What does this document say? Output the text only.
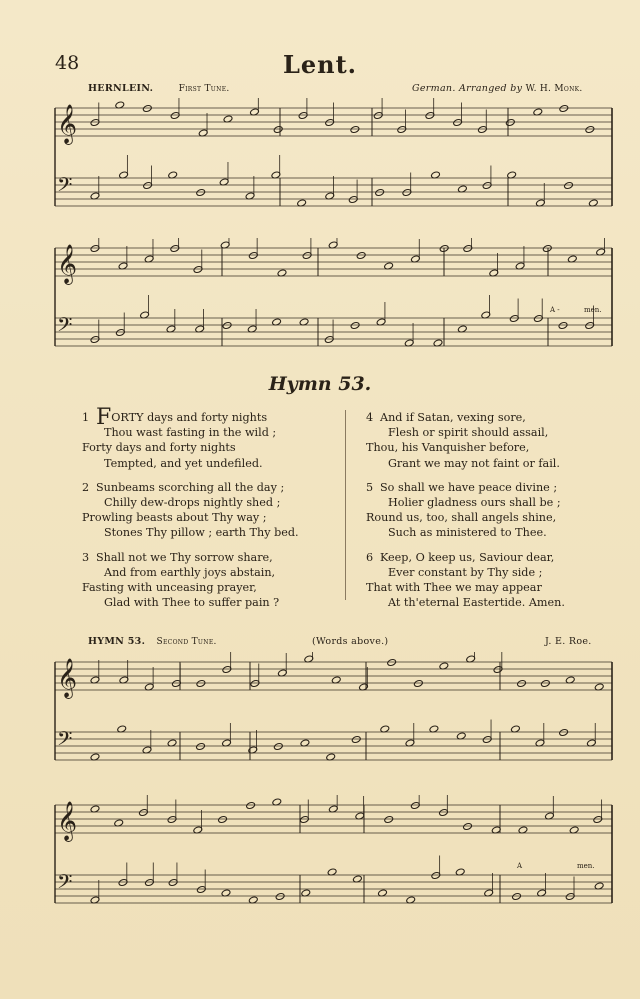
48	Lent.
HERNLEIN.	First Tune.	German. Arranged by W. H. Monk.
𝄞
𝄢
𝄞
𝄢
A -	men.
Hymn 53.
1 FORTY days and forty nights
Thou wast fasting in the wild ;
Forty days and forty nights
Tempted, and yet undefiled.
2 Sunbeams scorching all the day ;
Chilly dew-drops nightly shed ;
Prowling beasts about Thy way ;
Stones Thy pillow ; earth Thy bed.
3 Shall not we Thy sorrow share,
And from earthly joys abstain,
Fasting with unceasing prayer,
Glad with Thee to suffer pain ?
4 And if Satan, vexing sore,
Flesh or spirit should assail,
Thou, his Vanquisher before,
Grant we may not faint or fail.
5 So shall we have peace divine ;
Holier gladness ours shall be ;
Round us, too, shall angels shine,
Such as ministered to Thee.
6 Keep, O keep us, Saviour dear,
Ever constant by Thy side ;
That with Thee we may appear
At th'eternal Eastertide. Amen.
HYMN 53. Second Tune.	(Words above.)	J. E. Roe.
𝄞
𝄢
𝄞
𝄢
A	men.
